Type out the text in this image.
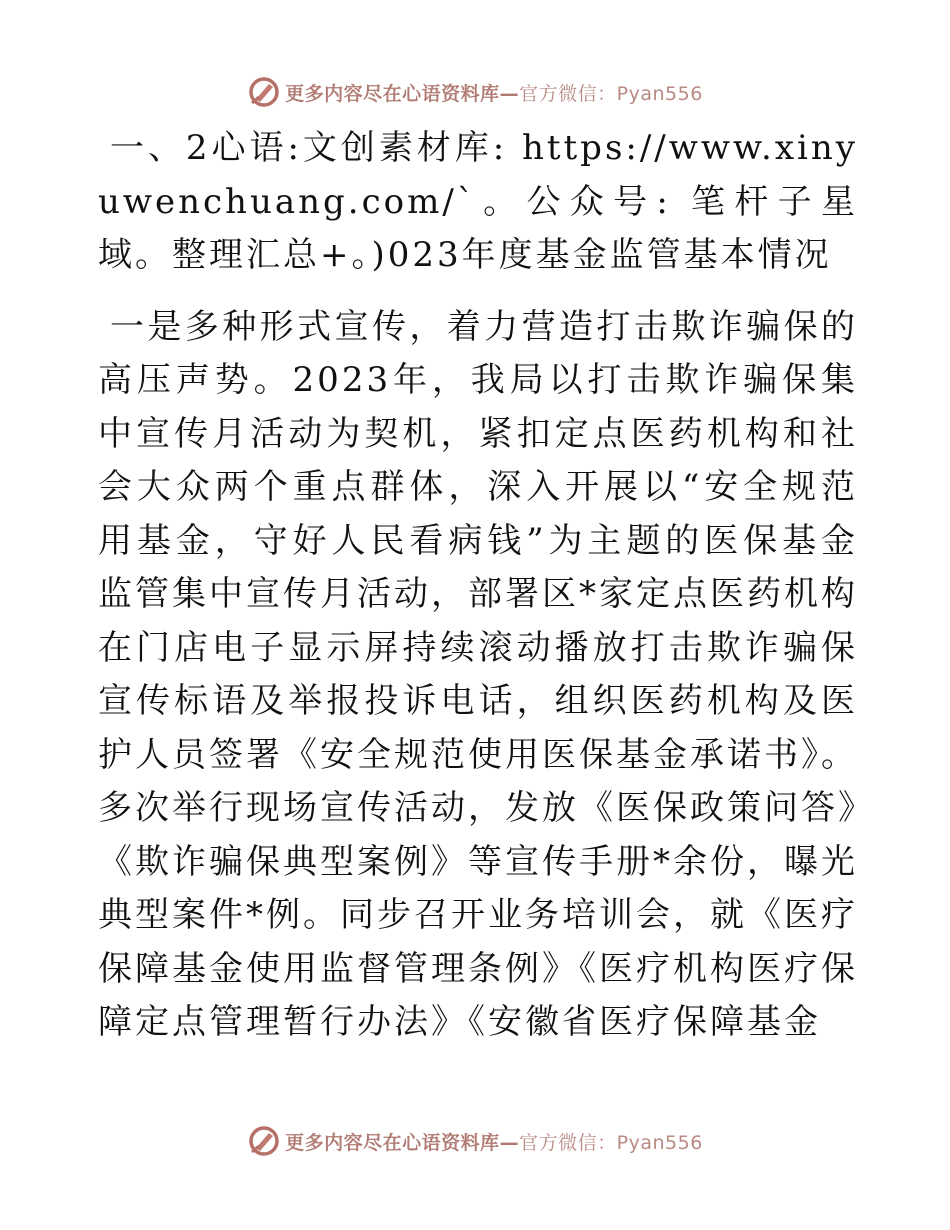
更多内容尽在心语资料库—官方微信：Pyan556

一、2心语:文创素材库: https://www.xinyuwenchuang.com/`。公众号: 笔杆子星域。整理汇总+。)023年度基金监管基本情况

一是多种形式宣传，着力营造打击欺诈骗保的高压声势。2023年，我局以打击欺诈骗保集中宣传月活动为契机，紧扣定点医药机构和社会大众两个重点群体，深入开展以“安全规范用基金，守好人民看病钱”为主题的医保基金监管集中宣传月活动，部署区*家定点医药机构在门店电子显示屏持续滚动播放打击欺诈骗保宣传标语及举报投诉电话，组织医药机构及医护人员签署《安全规范使用医保基金承诺书》。多次举行现场宣传活动，发放《医保政策问答》《欺诈骗保典型案例》等宣传手册*余份，曝光典型案件*例。同步召开业务培训会，就《医疗保障基金使用监督管理条例》《医疗机构医疗保障定点管理暂行办法》《安徽省医疗保障基金

更多内容尽在心语资料库—官方微信：Pyan556
